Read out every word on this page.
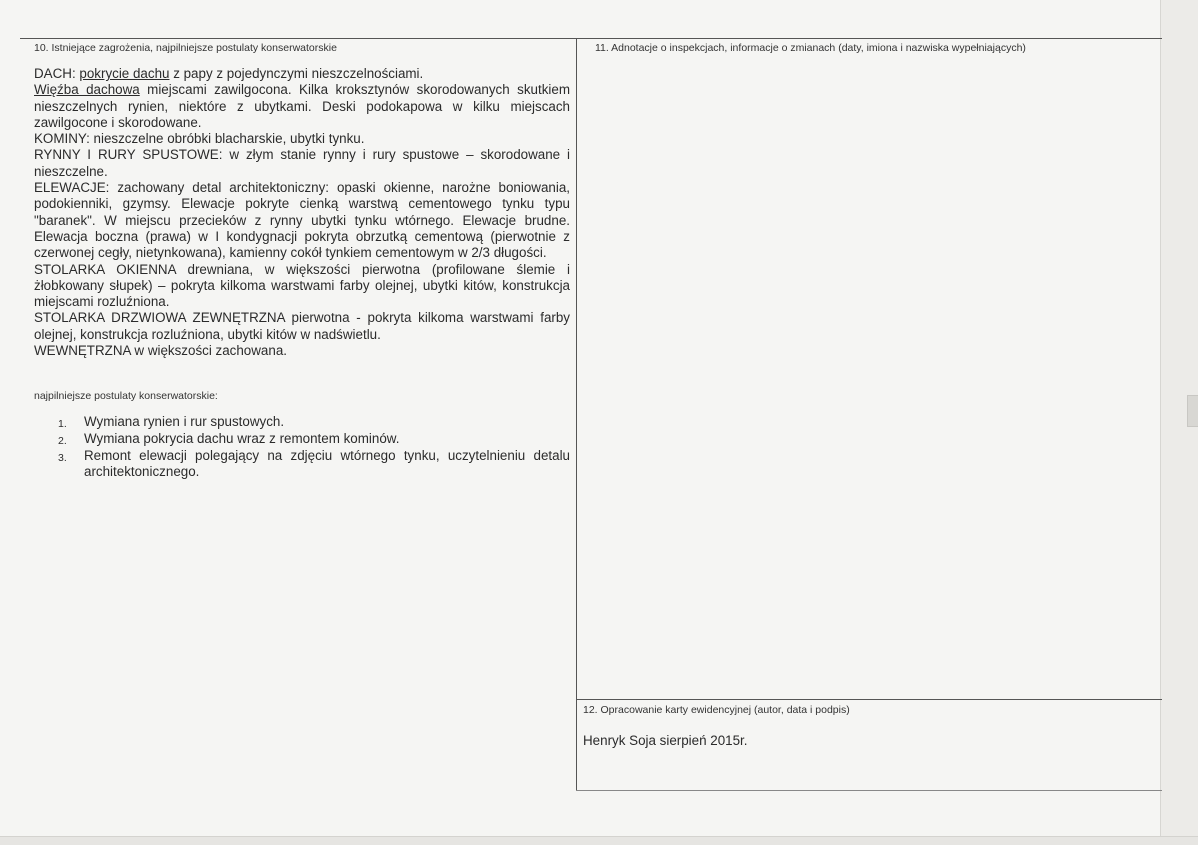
10. Istniejące zagrożenia, najpilniejsze postulaty konserwatorskie	11. Adnotacje o inspekcjach, informacje o zmianach (daty, imiona i nazwiska wypełniających)
12. Opracowanie karty ewidencyjnej (autor, data i podpis)

DACH: pokrycie dachu z papy z pojedynczymi nieszczelnościami.

Więźba dachowa miejscami zawilgocona. Kilka kroksztynów skorodowanych skutkiem nieszczelnych rynien, niektóre z ubytkami. Deski podokapowa w kilku miejscach zawilgocone i skorodowane.

KOMINY: nieszczelne obróbki blacharskie, ubytki tynku.

RYNNY I RURY SPUSTOWE: w złym stanie rynny i rury spustowe – skorodowane i nieszczelne.

ELEWACJE: zachowany detal architektoniczny: opaski okienne, narożne boniowania, podokienniki, gzymsy. Elewacje pokryte cienką warstwą cementowego tynku typu "baranek". W miejscu przecieków z rynny ubytki tynku wtórnego. Elewacje brudne. Elewacja boczna (prawa) w I kondygnacji pokryta obrzutką cementową (pierwotnie z czerwonej cegły, nietynkowana), kamienny cokół tynkiem cementowym w 2/3 długości.

STOLARKA OKIENNA drewniana, w większości pierwotna (profilowane ślemie i żłobkowany słupek) – pokryta kilkoma warstwami farby olejnej, ubytki kitów, konstrukcja miejscami rozluźniona.

STOLARKA DRZWIOWA ZEWNĘTRZNA pierwotna - pokryta kilkoma warstwami farby olejnej, konstrukcja rozluźniona, ubytki kitów w nadświetlu.

WEWNĘTRZNA w większości zachowana.

najpilniejsze postulaty konserwatorskie:
1. Wymiana rynien i rur spustowych.
2. Wymiana pokrycia dachu wraz z remontem kominów.
3. Remont elewacji polegający na zdjęciu wtórnego tynku, uczytelnieniu detalu architektonicznego.
Henryk Soja sierpień 2015r.
